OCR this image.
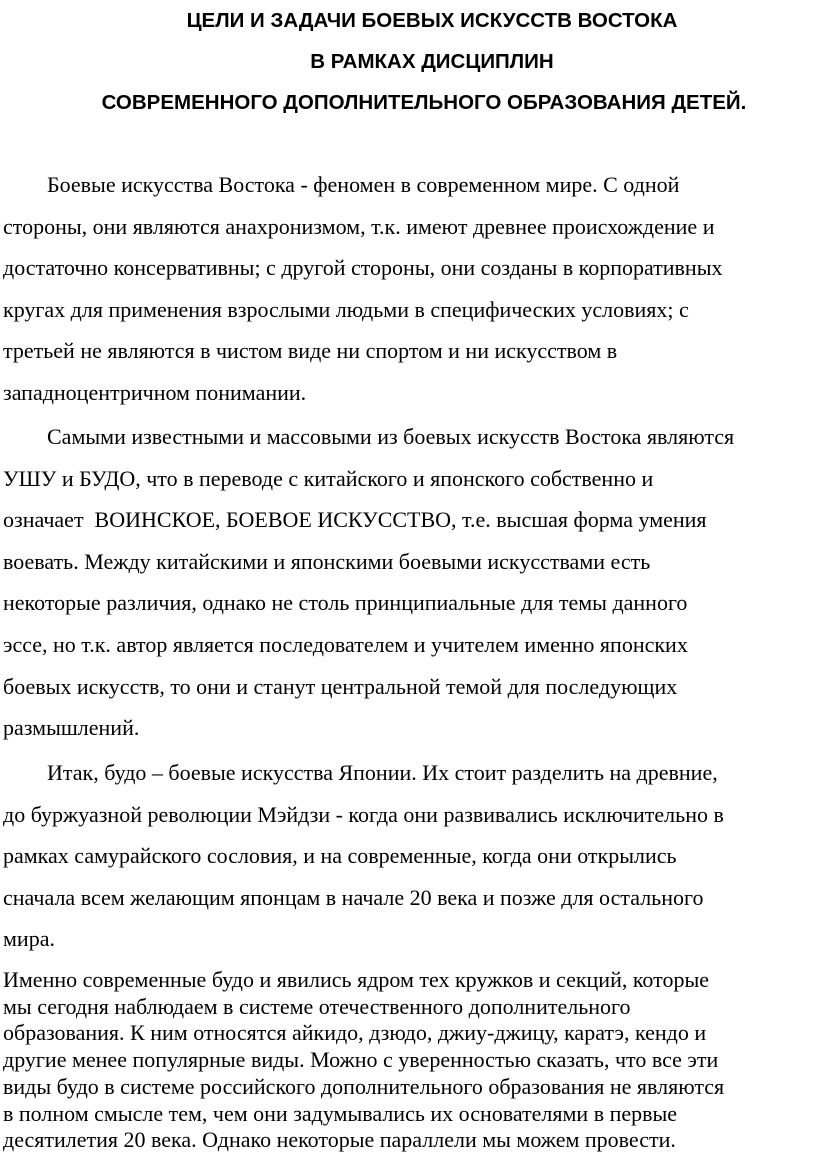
ЦЕЛИ И ЗАДАЧИ БОЕВЫХ ИСКУССТВ ВОСТОКА
В РАМКАХ ДИСЦИПЛИН
СОВРЕМЕННОГО ДОПОЛНИТЕЛЬНОГО ОБРАЗОВАНИЯ ДЕТЕЙ.
Боевые искусства Востока - феномен в современном мире. С одной
стороны, они являются анахронизмом, т.к. имеют древнее происхождение и
достаточно консервативны; с другой стороны, они созданы в корпоративных
кругах для применения взрослыми людьми в специфических условиях; с
третьей не являются в чистом виде ни спортом и ни искусством в
западноцентричном понимании.
Самыми известными и массовыми из боевых искусств Востока являются
УШУ и БУДО, что в переводе с китайского и японского собственно и
означает  ВОИНСКОЕ, БОЕВОЕ ИСКУССТВО, т.е. высшая форма умения
воевать. Между китайскими и японскими боевыми искусствами есть
некоторые различия, однако не столь принципиальные для темы данного
эссе, но т.к. автор является последователем и учителем именно японских
боевых искусств, то они и станут центральной темой для последующих
размышлений.
Итак, будо – боевые искусства Японии. Их стоит разделить на древние,
до буржуазной революции Мэйдзи - когда они развивались исключительно в
рамках самурайского сословия, и на современные, когда они открылись
сначала всем желающим японцам в начале 20 века и позже для остального
мира.
Именно современные будо и явились ядром тех кружков и секций, которые
мы сегодня наблюдаем в системе отечественного дополнительного
образования. К ним относятся айкидо, дзюдо, джиу-джицу, каратэ, кендо и
другие менее популярные виды. Можно с уверенностью сказать, что все эти
виды будо в системе российского дополнительного образования не являются
в полном смысле тем, чем они задумывались их основателями в первые
десятилетия 20 века. Однако некоторые параллели мы можем провести.
